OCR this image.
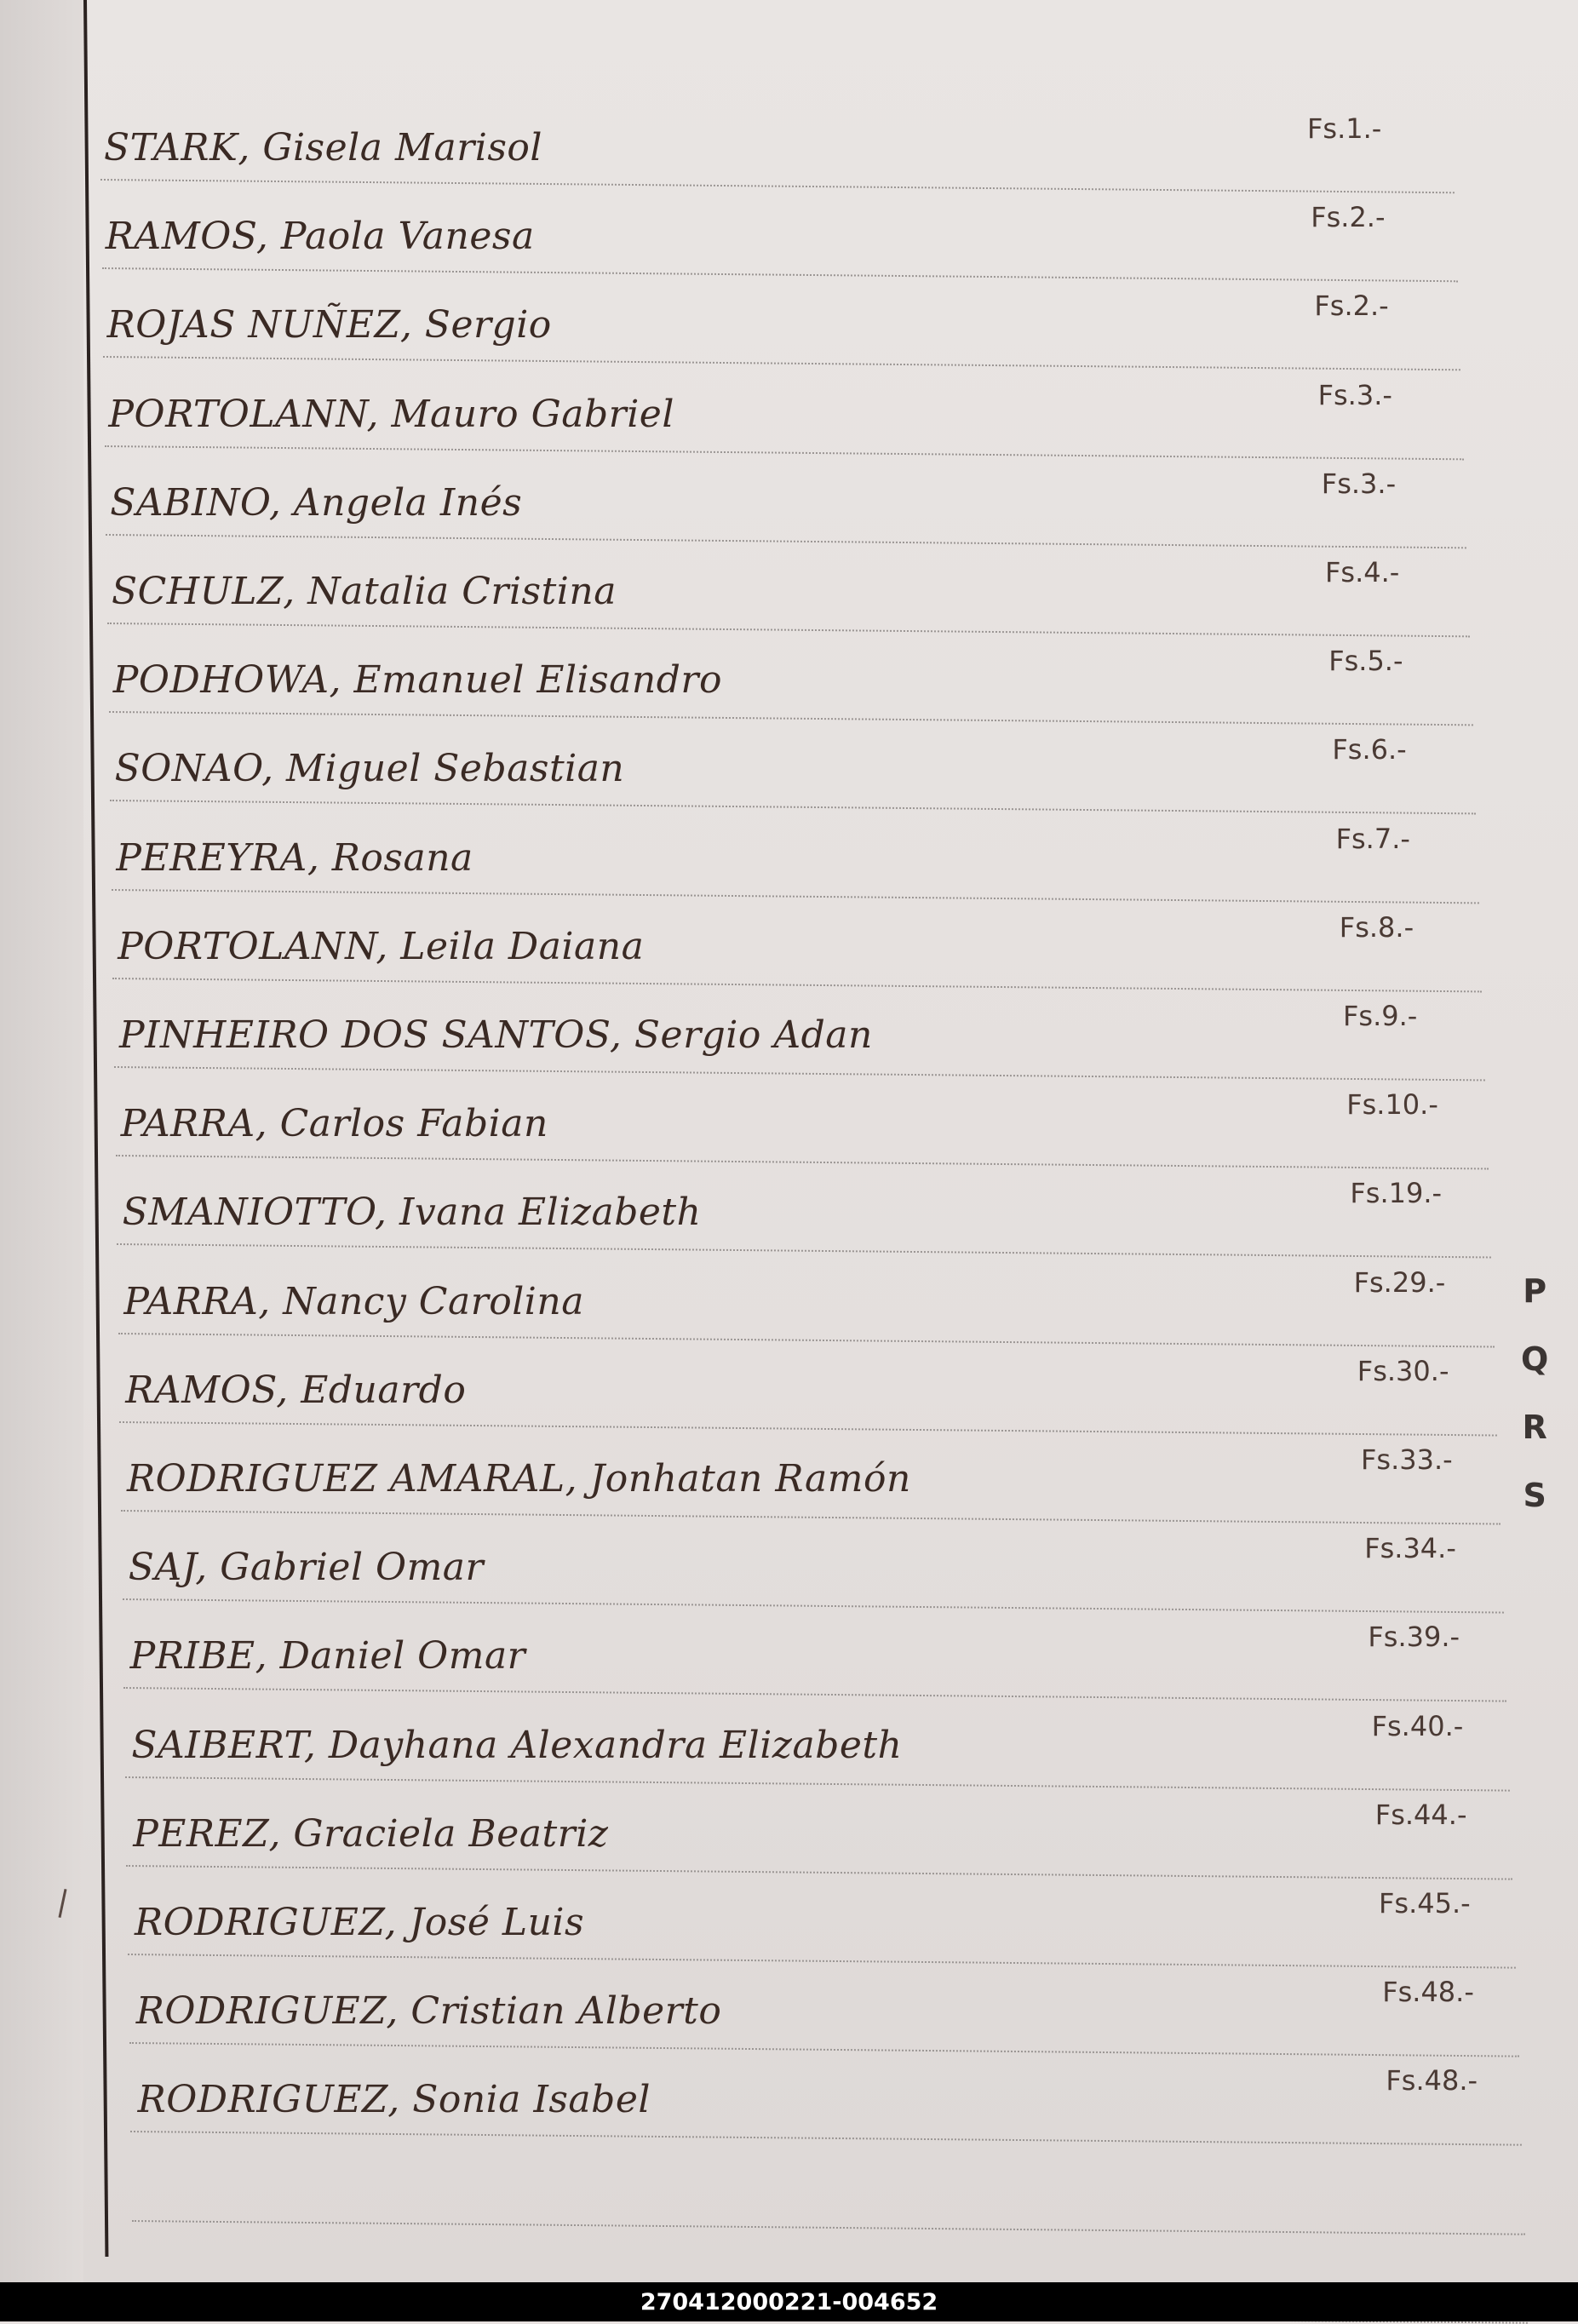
STARK, Gisela Marisol	Fs.1.-
RAMOS, Paola Vanesa	Fs.2.-
ROJAS NUÑEZ, Sergio	Fs.2.-
PORTOLANN, Mauro Gabriel	Fs.3.-
SABINO, Angela Inés	Fs.3.-
SCHULZ, Natalia Cristina	Fs.4.-
PODHOWA, Emanuel Elisandro	Fs.5.-
SONAO, Miguel Sebastian	Fs.6.-
PEREYRA, Rosana	Fs.7.-
PORTOLANN, Leila Daiana	Fs.8.-
PINHEIRO DOS SANTOS, Sergio Adan	Fs.9.-
PARRA, Carlos Fabian	Fs.10.-
SMANIOTTO, Ivana Elizabeth	Fs.19.-
PARRA, Nancy Carolina	Fs.29.-
RAMOS, Eduardo	Fs.30.-
RODRIGUEZ AMARAL, Jonhatan Ramón	Fs.33.-
SAJ, Gabriel Omar	Fs.34.-
PRIBE, Daniel Omar	Fs.39.-
SAIBERT, Dayhana Alexandra Elizabeth	Fs.40.-
PEREZ, Graciela Beatriz	Fs.44.-
RODRIGUEZ, José Luis	Fs.45.-
RODRIGUEZ, Cristian Alberto	Fs.48.-
RODRIGUEZ, Sonia Isabel	Fs.48.-
P
Q
R
S
270412000221-004652
